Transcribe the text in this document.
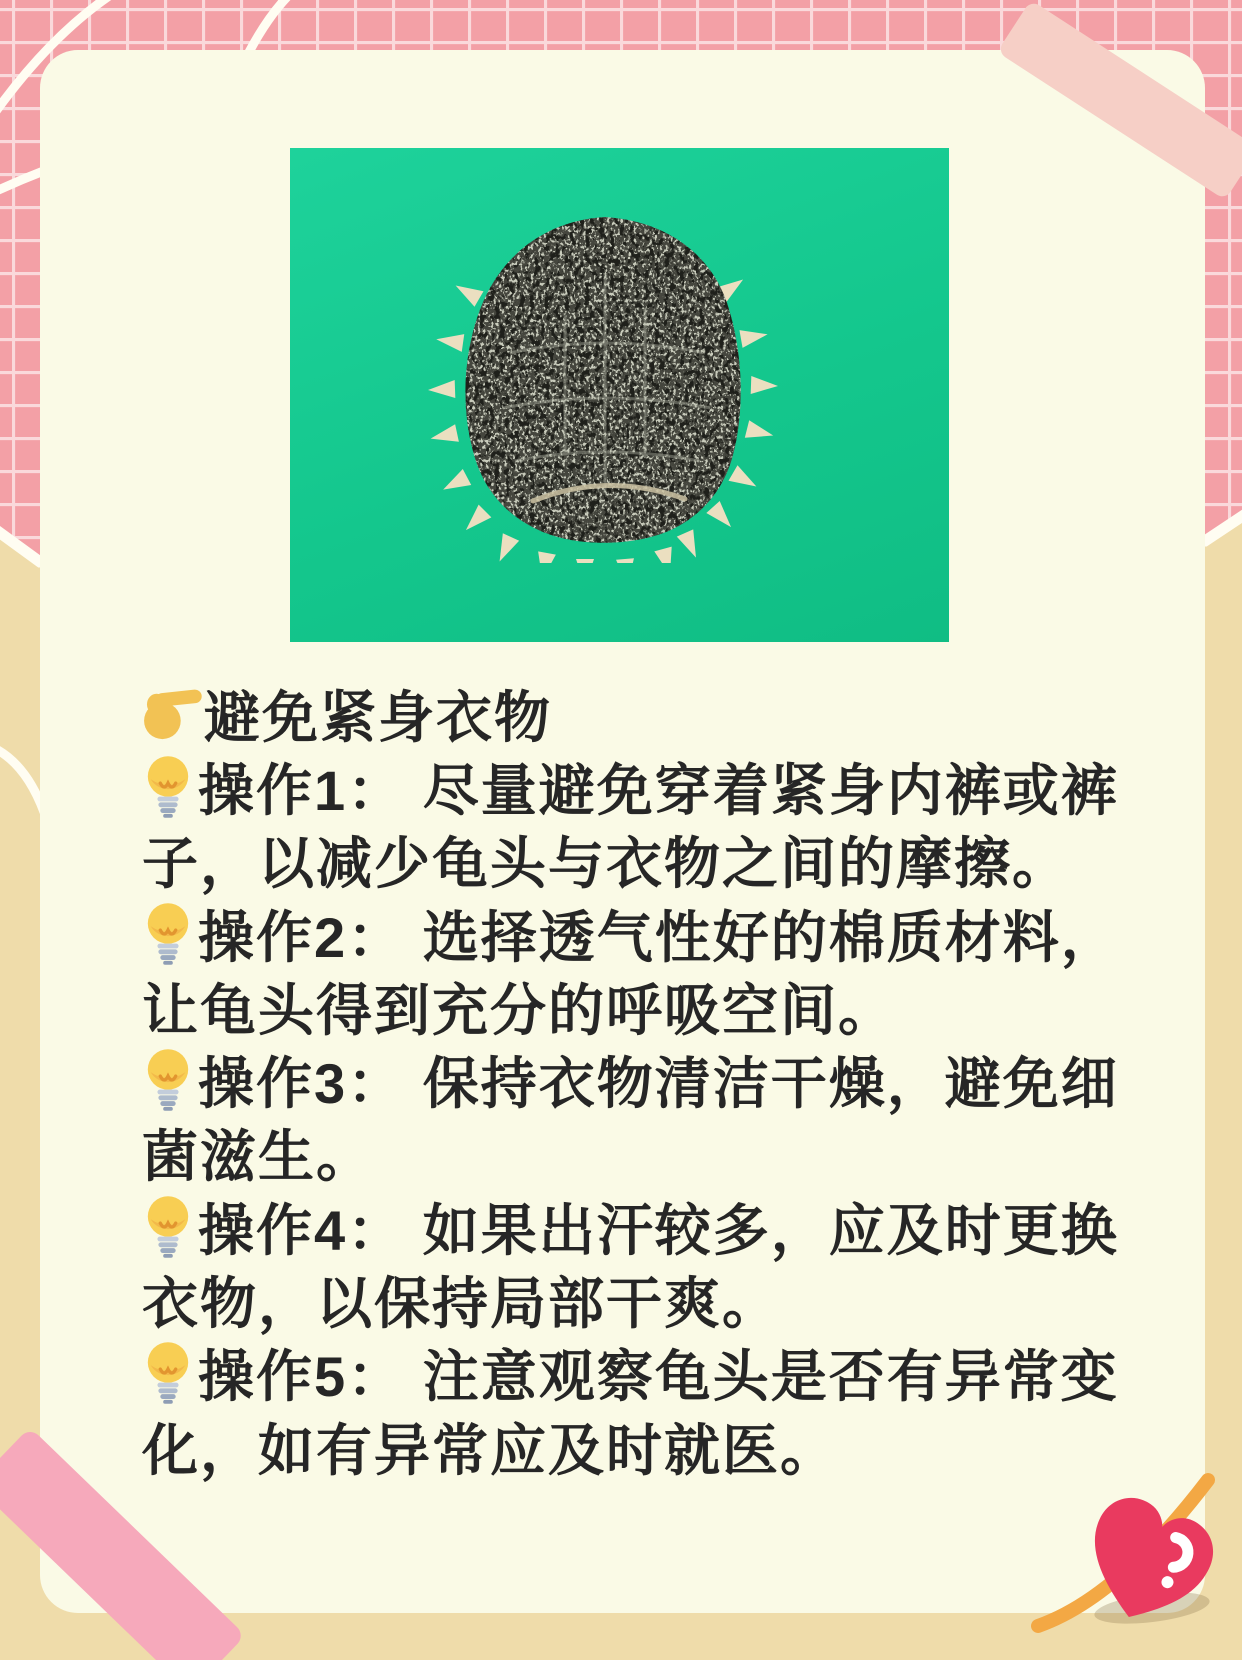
避免紧身衣物
操作1： 尽量避免穿着紧身内裤或裤
子，以减少龟头与衣物之间的摩擦。
操作2： 选择透气性好的棉质材料，
让龟头得到充分的呼吸空间。
操作3： 保持衣物清洁干燥，避免细
菌滋生。
操作4： 如果出汗较多，应及时更换
衣物，以保持局部干爽。
操作5： 注意观察龟头是否有异常变
化，如有异常应及时就医。
